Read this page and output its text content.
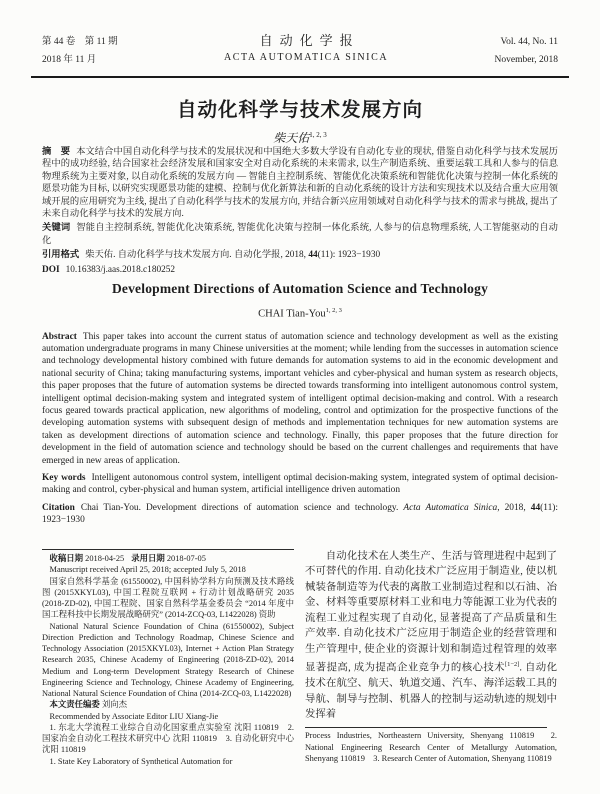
第 44 卷　第 11 期
2018 年 11 月
自动化学报
ACTA AUTOMATICA SINICA
Vol. 44, No. 11
November, 2018
自动化科学与技术发展方向
柴天佑$^{1, 2, 3}$

摘　要 本文结合中国自动化科学与技术的发展状况和中国绝大多数大学设有自动化专业的现状, 借鉴自动化科学与技术发展历程中的成功经验, 结合国家社会经济发展和国家安全对自动化系统的未来需求, 以生产制造系统、重要运载工具和人参与的信息物理系统为主要对象, 以自动化系统的发展方向 — 智能自主控制系统、智能优化决策系统和智能优化决策与控制一体化系统的愿景功能为目标, 以研究实现愿景功能的建模、控制与优化新算法和新的自动化系统的设计方法和实现技术以及结合重大应用领域开展的应用研究为主线, 提出了自动化科学与技术的发展方向, 并结合新兴应用领域对自动化科学与技术的需求与挑战, 提出了未来自动化科学与技术的发展方向.

关键词 智能自主控制系统, 智能优化决策系统, 智能优化决策与控制一体化系统, 人参与的信息物理系统, 人工智能驱动的自动化

引用格式 柴天佑. 自动化科学与技术发展方向. 自动化学报, 2018, 44(11): 1923−1930

DOI 10.16383/j.aas.2018.c180252

Development Directions of Automation Science and Technology
CHAI Tian-You$^{1, 2, 3}$

Abstract This paper takes into account the current status of automation science and technology development as well as the existing automation undergraduate programs in many Chinese universities at the moment; while lending from the successes in automation science and technology developmental history combined with future demands for automation systems to aid in the economic development and national security of China; taking manufacturing systems, important vehicles and cyber-physical and human system as research objects, this paper proposes that the future of automation systems be directed towards transforming into intelligent autonomous control system, intelligent optimal decision-making system and integrated system of intelligent optimal decision-making and control. With a research focus geared towards practical application, new algorithms of modeling, control and optimization for the prospective functions of the developing automation systems with subsequent design of methods and implementation techniques for new automation systems are taken as development directions of automation science and technology. Finally, this paper proposes that the future direction for development in the field of automation science and technology should be based on the current challenges and requirements that have emerged in new areas of application.

Key words Intelligent autonomous control system, intelligent optimal decision-making system, integrated system of optimal decision-making and control, cyber-physical and human system, artificial intelligence driven automation

Citation Chai Tian-You. Development directions of automation science and technology. Acta Automatica Sinica, 2018, 44(11): 1923−1930

收稿日期 2018-04-25 录用日期 2018-07-05

Manuscript received April 25, 2018; accepted July 5, 2018

国家自然科学基金 (61550002), 中国科协学科方向预测及技术路线图 (2015XKYL03), 中国工程院互联网 + 行动计划战略研究 2035 (2018-ZD-02), 中国工程院、国家自然科学基金委员会 “2014 年度中国工程科技中长期发展战略研究” (2014-ZCQ-03, L1422028) 资助

National Natural Science Foundation of China (61550002), Subject Direction Prediction and Technology Roadmap, Chinese Science and Technology Association (2015XKYL03), Internet + Action Plan Strategy Research 2035, Chinese Academy of Engineering (2018-ZD-02), 2014 Medium and Long-term Development Strategy Research of Chinese Engineering Science and Technology, Chinese Academy of Engineering, National Natural Science Foundation of China (2014-ZCQ-03, L1422028)

本文责任编委 刘向杰

Recommended by Associate Editor LIU Xiang-Jie

1. 东北大学流程工业综合自动化国家重点实验室 沈阳 110819　2. 国家冶金自动化工程技术研究中心 沈阳 110819　3. 自动化研究中心 沈阳 110819

1. State Key Laboratory of Synthetical Automation for

自动化技术在人类生产、生活与管理进程中起到了不可替代的作用. 自动化技术广泛应用于制造业, 使以机械装备制造等为代表的离散工业制造过程和以石油、冶金、材料等重要原材料工业和电力等能源工业为代表的流程工业过程实现了自动化, 显著提高了产品质量和生产效率. 自动化技术广泛应用于制造企业的经营管理和生产管理中, 使企业的资源计划和制造过程管理的效率显著提高, 成为提高企业竞争力的核心技术[1−2]. 自动化技术在航空、航天、轨道交通、汽车、海洋运载工具的导航、制导与控制、机器人的控制与运动轨迹的规划中发挥着

Process Industries, Northeastern University, Shenyang 110819　2. National Engineering Research Center of Metallurgy Automation, Shenyang 110819　3. Research Center of Automation, Shenyang 110819
